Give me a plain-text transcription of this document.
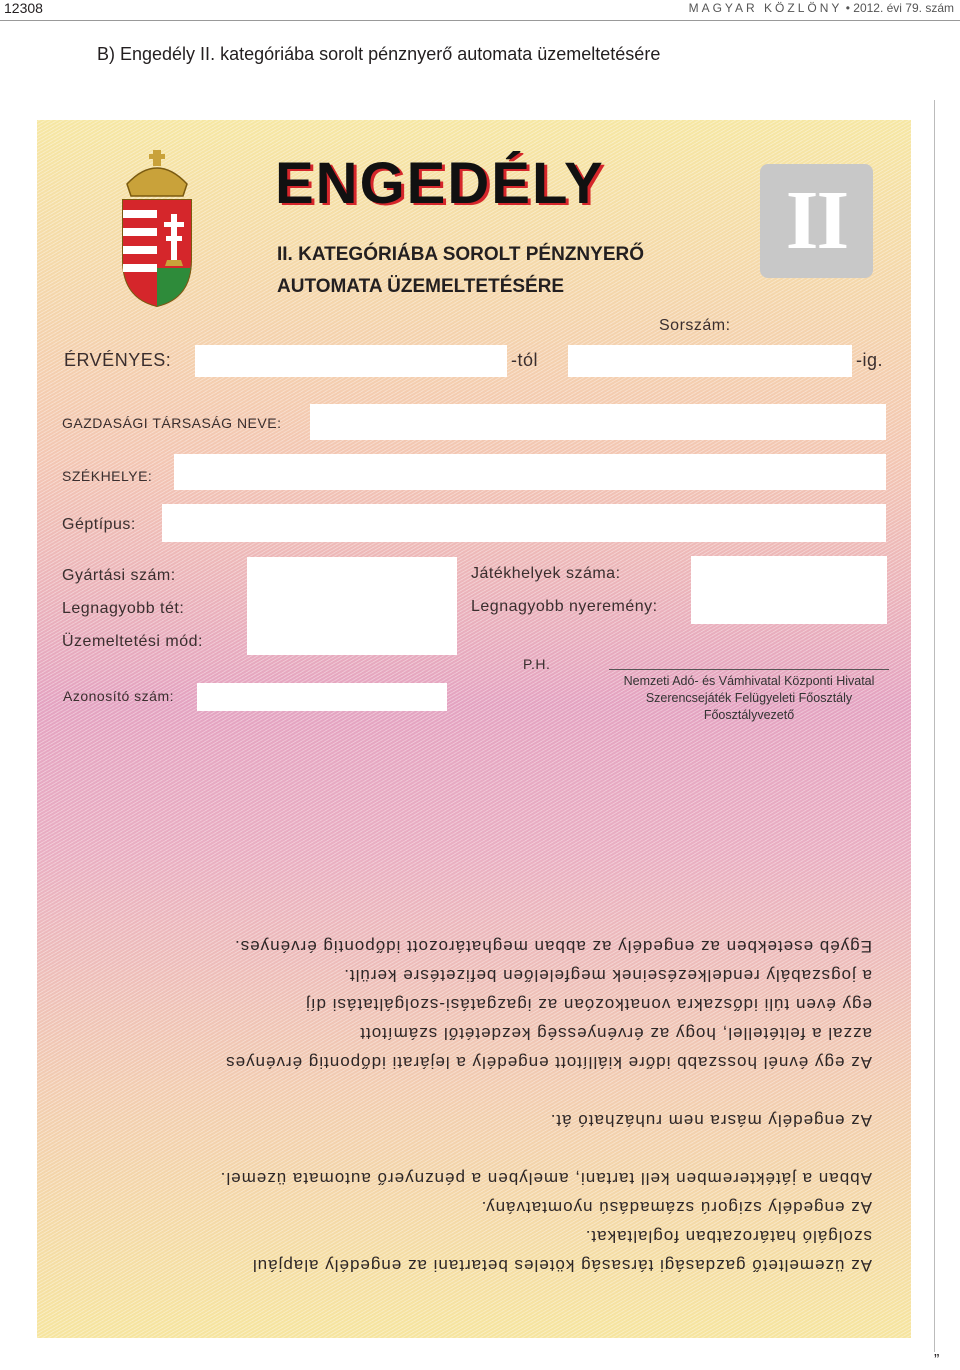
12308	MAGYAR KÖZLÖNY • 2012. évi 79. szám
B) Engedély II. kategóriába sorolt pénznyerő automata üzemeltetésére
ENGEDÉLY
II. KATEGÓRIÁBA SOROLT PÉNZNYERŐ
AUTOMATA ÜZEMELTETÉSÉRE
II
Sorszám:
ÉRVÉNYES:	-tól	-ig.
GAZDASÁGI TÁRSASÁG NEVE:
SZÉKHELYE:
Géptípus:
Gyártási szám:
Legnagyobb tét:
Üzemeltetési mód:
Játékhelyek száma:
Legnagyobb nyeremény:
P.H.
Nemzeti Adó- és Vámhivatal Központi Hivatal
Szerencsejáték Felügyeleti Főosztály
Főosztályvezető
Azonosító szám:

Az üzemeltető gazdasági társaság köteles betartani az engedély alapjául

szolgáló határozatban foglaltakat.

Az engedély szigorú számadású nyomtatvány.

Abban a játékteremben kell tartani, amelyben a pénznyerő automata üzemel.

Az engedély másra nem ruházható át.

Az egy évnél hosszabb időre kiállított engedély a lejárati időpontig érvényes

azzal a feltétellel, hogy az érvényesség kezdetétől számított

egy éven túli időszakra vonatkozóan az igazgatási-szolgáltatási díj

a jogszabály rendelkezéseinek megfelelően befizetésre került.

Egyéb esetekben az engedély az abban meghatározott időpontig érvényes.

”
